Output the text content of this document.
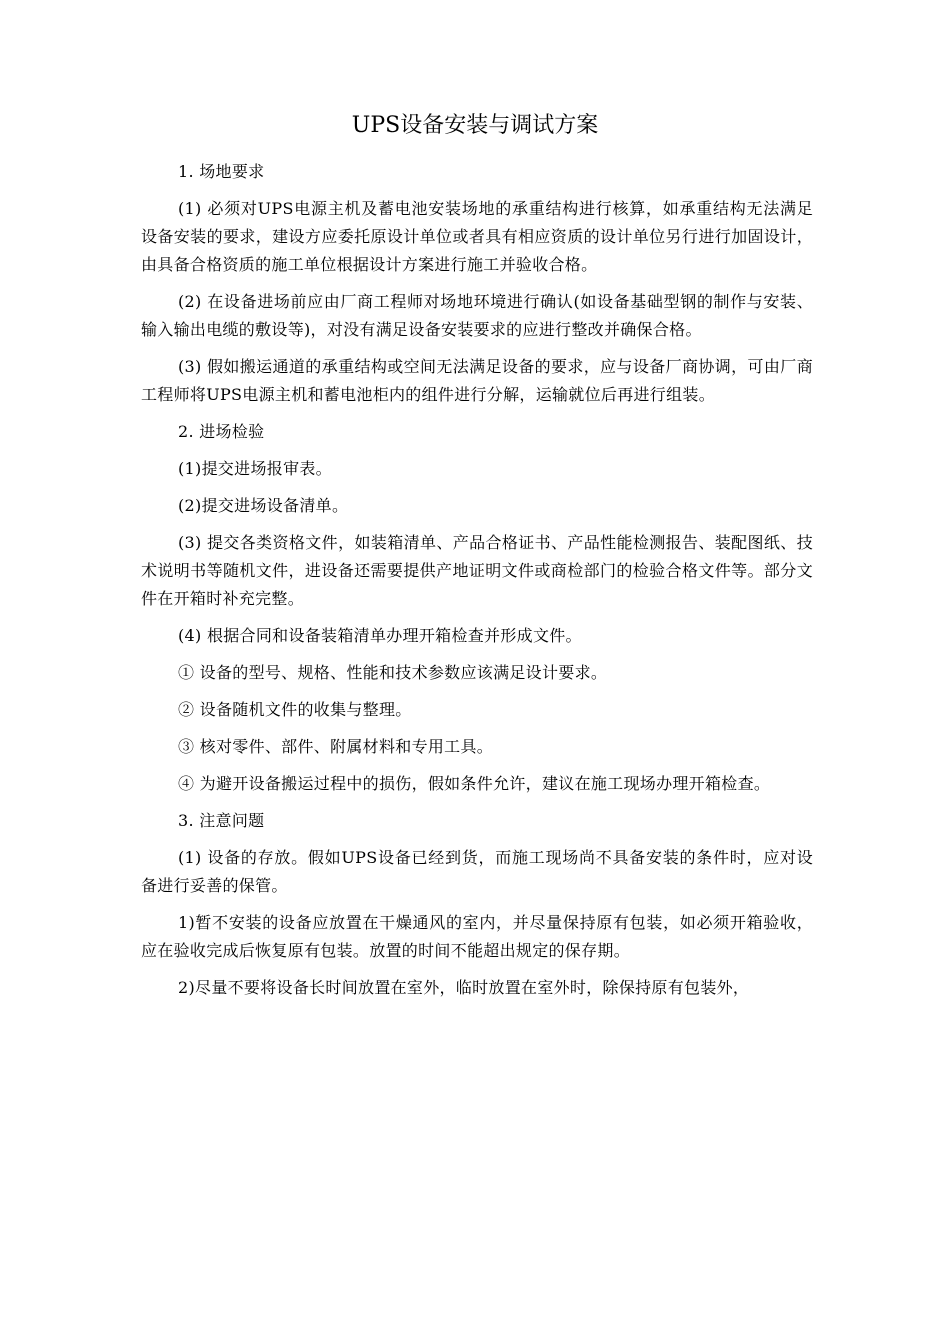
UPS设备安装与调试方案

1. 场地要求

(1) 必须对UPS电源主机及蓄电池安装场地的承重结构进行核算，如承重结构无法满足设备安装的要求，建设方应委托原设计单位或者具有相应资质的设计单位另行进行加固设计，由具备合格资质的施工单位根据设计方案进行施工并验收合格。

(2) 在设备进场前应由厂商工程师对场地环境进行确认(如设备基础型钢的制作与安装、输入输出电缆的敷设等)，对没有满足设备安装要求的应进行整改并确保合格。

(3) 假如搬运通道的承重结构或空间无法满足设备的要求，应与设备厂商协调，可由厂商工程师将UPS电源主机和蓄电池柜内的组件进行分解，运输就位后再进行组装。

2. 进场检验

(1)提交进场报审表。

(2)提交进场设备清单。

(3) 提交各类资格文件，如装箱清单、产品合格证书、产品性能检测报告、装配图纸、技术说明书等随机文件，进设备还需要提供产地证明文件或商检部门的检验合格文件等。部分文件在开箱时补充完整。

(4) 根据合同和设备装箱清单办理开箱检查并形成文件。

① 设备的型号、规格、性能和技术参数应该满足设计要求。

② 设备随机文件的收集与整理。

③ 核对零件、部件、附属材料和专用工具。

④ 为避开设备搬运过程中的损伤，假如条件允许，建议在施工现场办理开箱检查。

3. 注意问题

(1) 设备的存放。假如UPS设备已经到货，而施工现场尚不具备安装的条件时，应对设备进行妥善的保管。

1)暂不安装的设备应放置在干燥通风的室内，并尽量保持原有包装，如必须开箱验收，应在验收完成后恢复原有包装。放置的时间不能超出规定的保存期。

2)尽量不要将设备长时间放置在室外，临时放置在室外时，除保持原有包装外，
